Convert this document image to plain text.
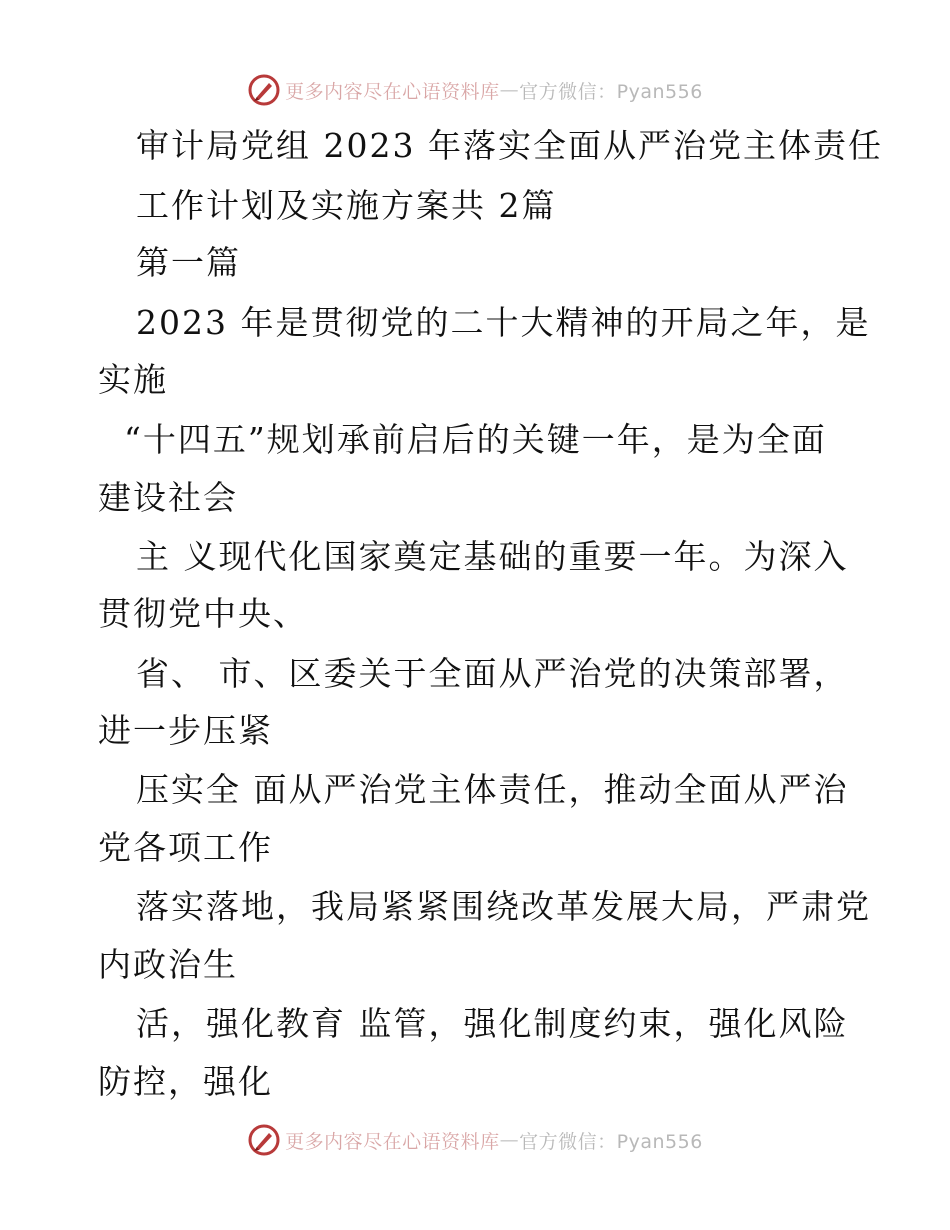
更多内容尽在心语资料库 — 官方微信：Pyan556
审计局党组 2023 年落实全面从严治党主体责任
工作计划及实施方案共 2篇
第一篇
2023 年是贯彻党的二十大精神的开局之年，是
实施
“十四五”规划承前启后的关键一年，是为全面
建设社会
主 义现代化国家奠定基础的重要一年。为深入
贯彻党中央、
省、 市、区委关于全面从严治党的决策部署，
进一步压紧
压实全 面从严治党主体责任，推动全面从严治
党各项工作
落实落地，我局紧紧围绕改革发展大局，严肃党
内政治生
活，强化教育 监管，强化制度约束，强化风险
防控，强化
更多内容尽在心语资料库 — 官方微信：Pyan556
